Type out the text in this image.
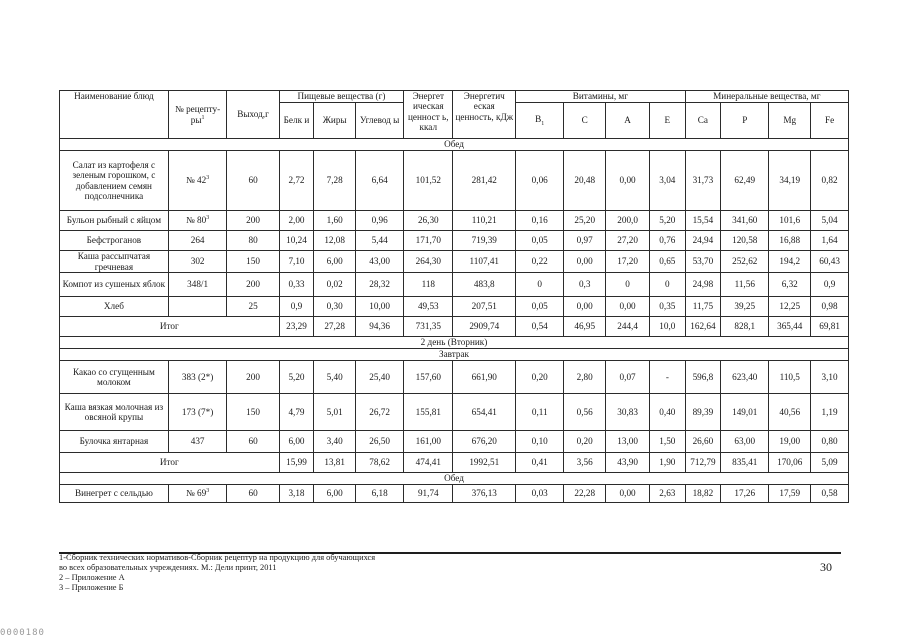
Наименование блюд	№ рецепту-$ры^1$	Выход,г	Пищевые вещества (г)			Энергет ическая ценност ь, ккал	Энергетич еская ценность, кДж	Витамины, мг				Минеральные вещества, мг			
			Белк и	Жиры	Углевод ы			$B_1$	C	A	E	Ca	P	Mg	Fe
Обед															
Салат из картофеля с зеленым горошком, с добавлением семян подсолнечника	№ $42^3$	60	2,72	7,28	6,64	101,52	281,42	0,06	20,48	0,00	3,04	31,73	62,49	34,19	0,82
Бульон рыбный с яйцом	№ $80^3$	200	2,00	1,60	0,96	26,30	110,21	0,16	25,20	200,0	5,20	15,54	341,60	101,6	5,04
Бефстроганов	264	80	10,24	12,08	5,44	171,70	719,39	0,05	0,97	27,20	0,76	24,94	120,58	16,88	1,64
Каша рассыпчатая гречневая	302	150	7,10	6,00	43,00	264,30	1107,41	0,22	0,00	17,20	0,65	53,70	252,62	194,2	60,43
Компот из сушеных яблок	348/1	200	0,33	0,02	28,32	118	483,8	0	0,3	0	0	24,98	11,56	6,32	0,9
Хлеб		25	0,9	0,30	10,00	49,53	207,51	0,05	0,00	0,00	0,35	11,75	39,25	12,25	0,98
Итог			23,29	27,28	94,36	731,35	2909,74	0,54	46,95	244,4	10,0	162,64	828,1	365,44	69,81
2 день (Вторник)															
Завтрак															
Какао со сгущенным молоком	383 (2*)	200	5,20	5,40	25,40	157,60	661,90	0,20	2,80	0,07	-	596,8	623,40	110,5	3,10
Каша вязкая молочная из овсяной крупы	173 (7*)	150	4,79	5,01	26,72	155,81	654,41	0,11	0,56	30,83	0,40	89,39	149,01	40,56	1,19
Булочка янтарная	437	60	6,00	3,40	26,50	161,00	676,20	0,10	0,20	13,00	1,50	26,60	63,00	19,00	0,80
Итог			15,99	13,81	78,62	474,41	1992,51	0,41	3,56	43,90	1,90	712,79	835,41	170,06	5,09
Обед															
Винегрет с сельдью	№ $69^3$	60	3,18	6,00	6,18	91,74	376,13	0,03	22,28	0,00	2,63	18,82	17,26	17,59	0,58
1-Сборник технических нормативов-Сборник рецептур на продукцию для обучающихся
во всех образовательных учреждениях. М.: Дели принт, 2011
2 – Приложение А
3 – Приложение Б
30
0000180
